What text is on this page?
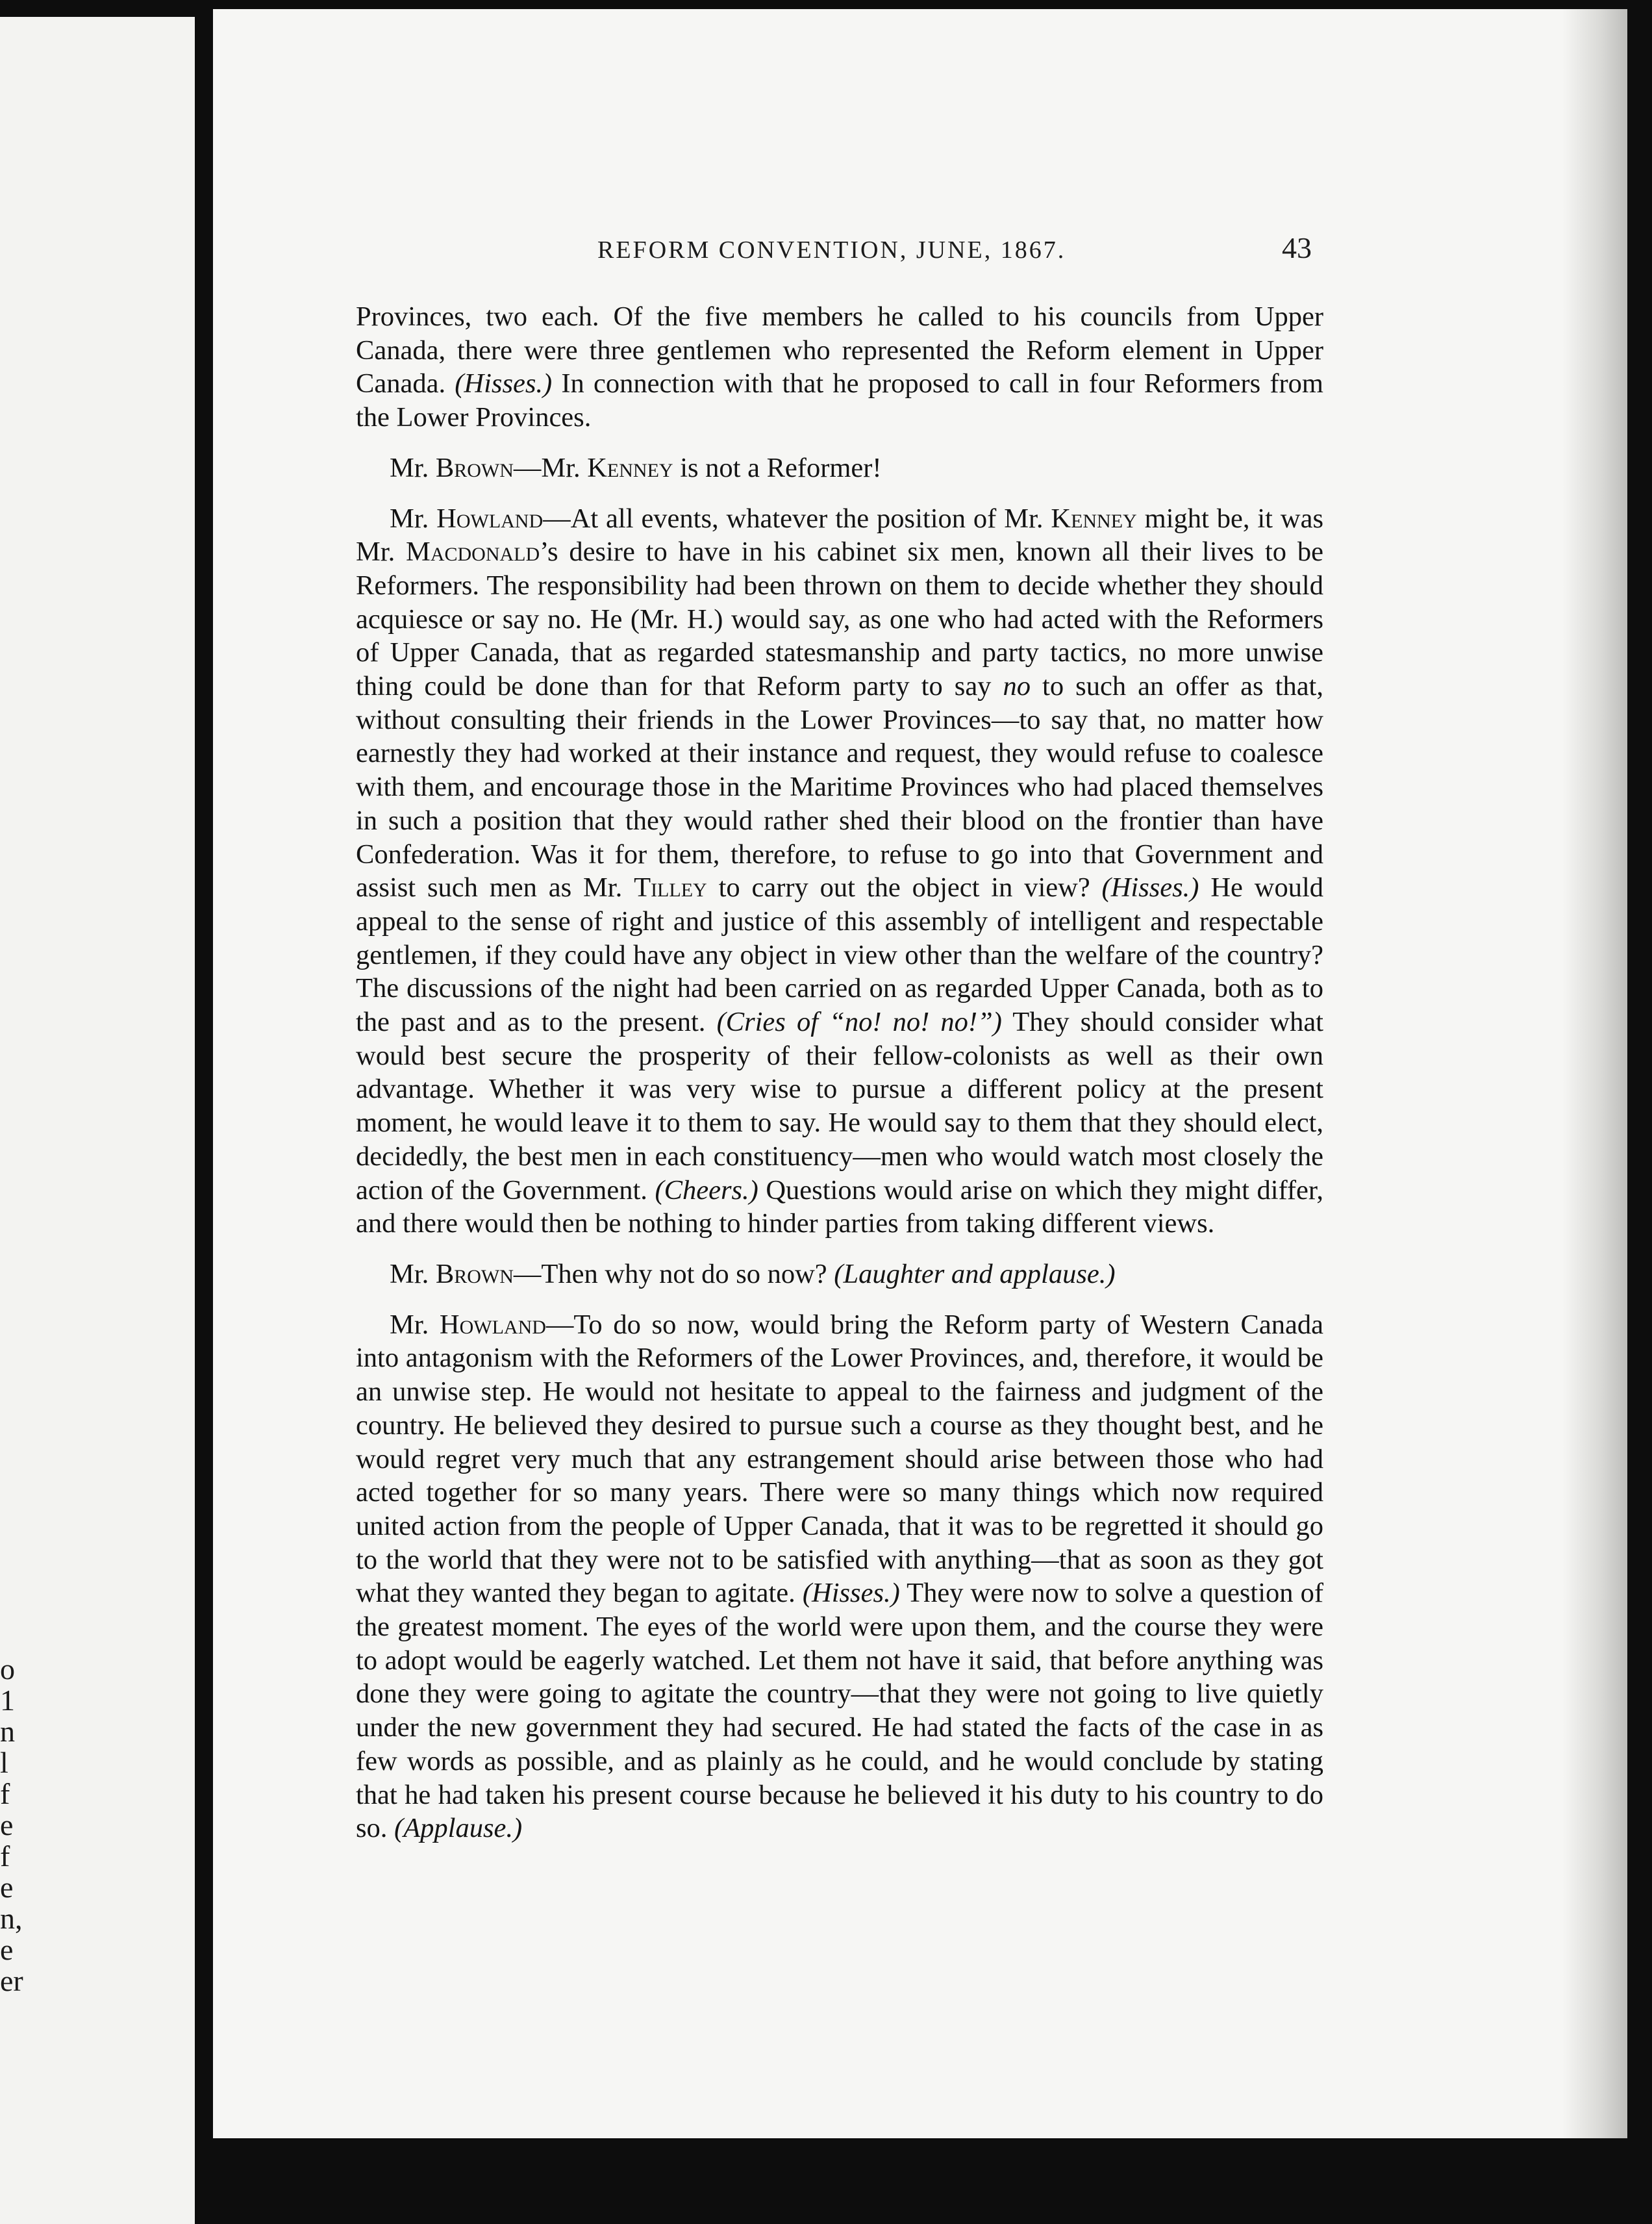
o
1
n
l
f
e
f
e
n,
e
er
REFORM CONVENTION, JUNE, 1867.	43

Provinces, two each. Of the five members he called to his councils from Upper Canada, there were three gentlemen who represented the Reform element in Upper Canada. (Hisses.) In connection with that he proposed to call in four Reformers from the Lower Provinces.

Mr. Brown—Mr. Kenney is not a Reformer!

Mr. Howland—At all events, whatever the position of Mr. Kenney might be, it was Mr. Macdonald’s desire to have in his cabinet six men, known all their lives to be Reformers. The responsibility had been thrown on them to decide whether they should acquiesce or say no. He (Mr. H.) would say, as one who had acted with the Reformers of Upper Canada, that as regarded statesmanship and party tactics, no more unwise thing could be done than for that Reform party to say no to such an offer as that, without consulting their friends in the Lower Provinces—to say that, no matter how earnestly they had worked at their instance and request, they would refuse to coalesce with them, and encourage those in the Maritime Provinces who had placed themselves in such a position that they would rather shed their blood on the frontier than have Confederation. Was it for them, therefore, to refuse to go into that Government and assist such men as Mr. Tilley to carry out the object in view? (Hisses.) He would appeal to the sense of right and justice of this assembly of intelligent and respectable gentlemen, if they could have any object in view other than the welfare of the country? The discussions of the night had been carried on as regarded Upper Canada, both as to the past and as to the present. (Cries of “no! no! no!”) They should consider what would best secure the prosperity of their fellow-colonists as well as their own advantage. Whether it was very wise to pursue a different policy at the present moment, he would leave it to them to say. He would say to them that they should elect, decidedly, the best men in each constituency—men who would watch most closely the action of the Government. (Cheers.) Questions would arise on which they might differ, and there would then be nothing to hinder parties from taking different views.

Mr. Brown—Then why not do so now? (Laughter and applause.)

Mr. Howland—To do so now, would bring the Reform party of Western Canada into antagonism with the Reformers of the Lower Provinces, and, therefore, it would be an unwise step. He would not hesitate to appeal to the fairness and judgment of the country. He believed they desired to pursue such a course as they thought best, and he would regret very much that any estrangement should arise between those who had acted together for so many years. There were so many things which now required united action from the people of Upper Canada, that it was to be regretted it should go to the world that they were not to be satisfied with anything—that as soon as they got what they wanted they began to agitate. (Hisses.) They were now to solve a question of the greatest moment. The eyes of the world were upon them, and the course they were to adopt would be eagerly watched. Let them not have it said, that before anything was done they were going to agitate the country—that they were not going to live quietly under the new government they had secured. He had stated the facts of the case in as few words as possible, and as plainly as he could, and he would conclude by stating that he had taken his present course because he believed it his duty to his country to do so. (Applause.)
